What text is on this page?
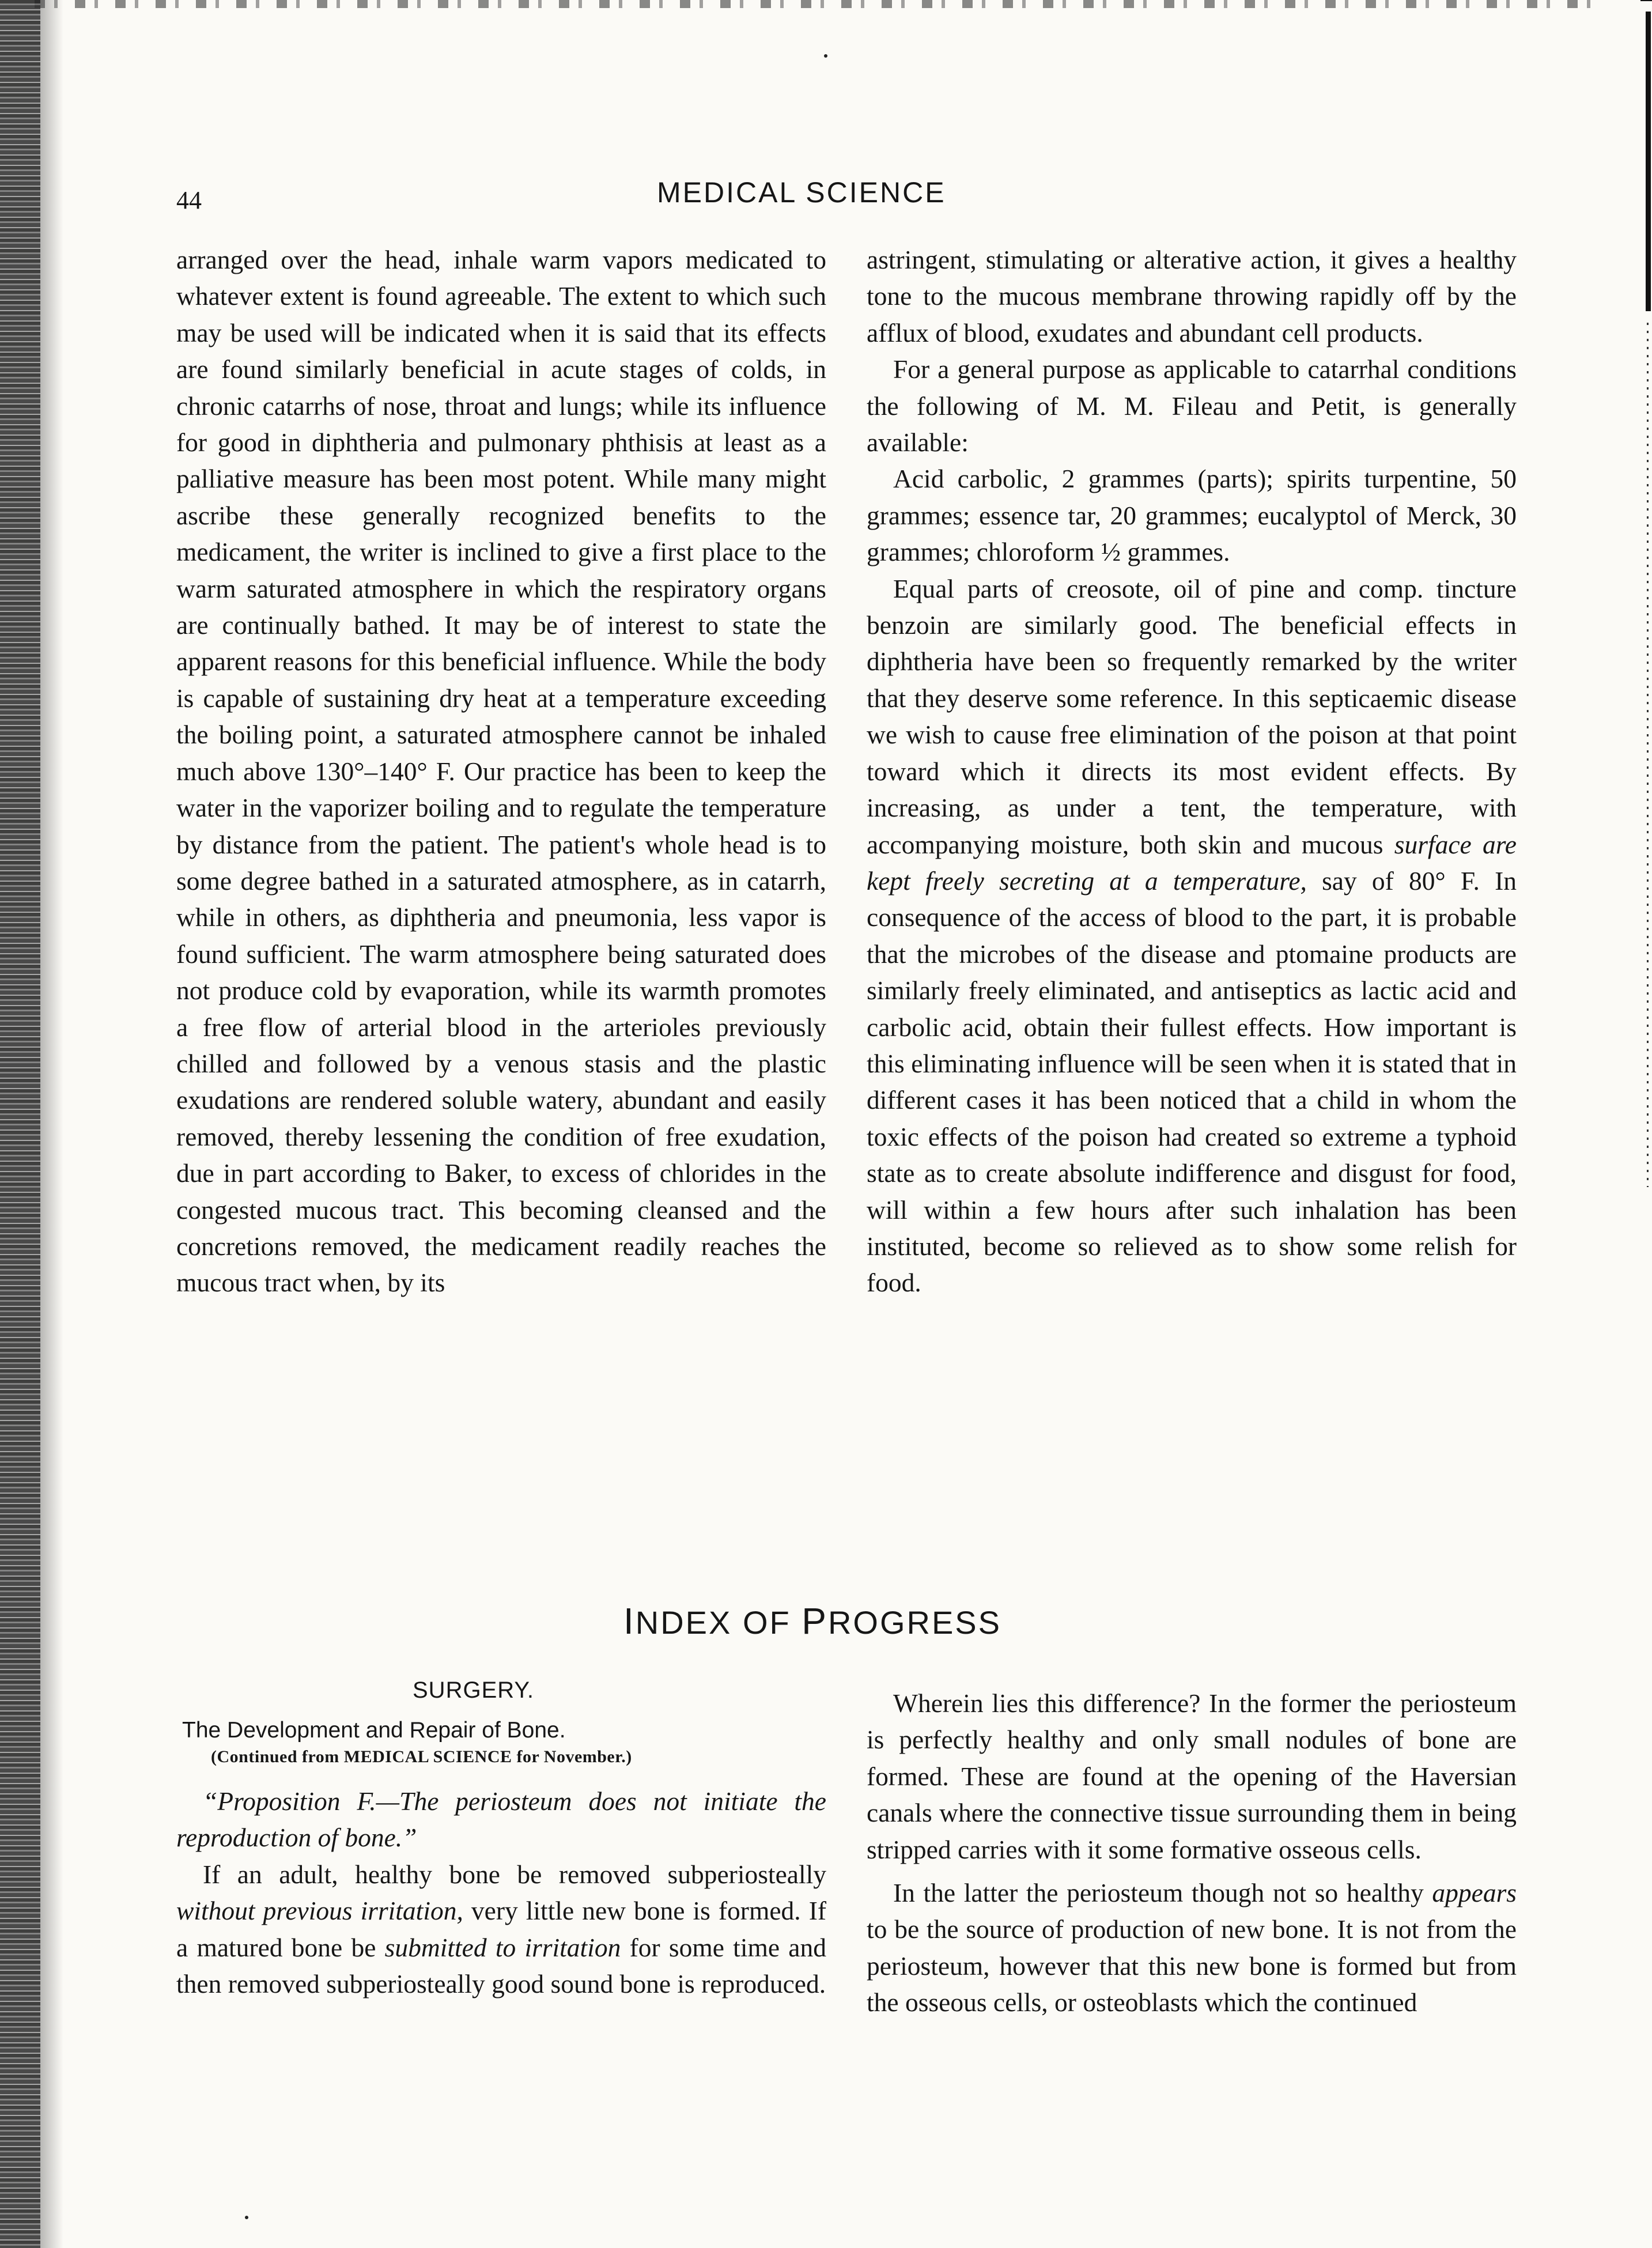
44	MEDICAL SCIENCE

arranged over the head, inhale warm vapors medicated to whatever extent is found agreeable. The extent to which such may be used will be indicated when it is said that its effects are found similarly beneficial in acute stages of colds, in chronic catarrhs of nose, throat and lungs; while its influence for good in diphtheria and pulmonary phthisis at least as a palliative measure has been most potent. While many might ascribe these generally recognized benefits to the medicament, the writer is inclined to give a first place to the warm saturated atmosphere in which the respiratory organs are continually bathed. It may be of interest to state the apparent reasons for this beneficial influence. While the body is capable of sustaining dry heat at a temperature exceeding the boiling point, a saturated atmosphere cannot be inhaled much above 130°–140° F. Our practice has been to keep the water in the vaporizer boiling and to regulate the temperature by distance from the patient. The patient's whole head is to some degree bathed in a saturated atmosphere, as in catarrh, while in others, as diphtheria and pneumonia, less vapor is found sufficient. The warm atmosphere being saturated does not produce cold by evaporation, while its warmth promotes a free flow of arterial blood in the arterioles previously chilled and followed by a venous stasis and the plastic exudations are rendered soluble watery, abundant and easily removed, thereby lessening the condition of free exudation, due in part according to Baker, to excess of chlorides in the congested mucous tract. This becoming cleansed and the concretions removed, the medicament readily reaches the mucous tract when, by its

astringent, stimulating or alterative action, it gives a healthy tone to the mucous membrane throwing rapidly off by the afflux of blood, exudates and abundant cell products.

For a general purpose as applicable to catarrhal conditions the following of M. M. Fileau and Petit, is generally available:

Acid carbolic, 2 grammes (parts); spirits turpentine, 50 grammes; essence tar, 20 grammes; eucalyptol of Merck, 30 grammes; chloroform ½ grammes.

Equal parts of creosote, oil of pine and comp. tincture benzoin are similarly good. The beneficial effects in diphtheria have been so frequently remarked by the writer that they deserve some reference. In this septicaemic disease we wish to cause free elimination of the poison at that point toward which it directs its most evident effects. By increasing, as under a tent, the temperature, with accompanying moisture, both skin and mucous surface are kept freely secreting at a temperature, say of 80° F. In consequence of the access of blood to the part, it is probable that the microbes of the disease and ptomaine products are similarly freely eliminated, and antiseptics as lactic acid and carbolic acid, obtain their fullest effects. How important is this eliminating influence will be seen when it is stated that in different cases it has been noticed that a child in whom the toxic effects of the poison had created so extreme a typhoid state as to create absolute indifference and disgust for food, will within a few hours after such inhalation has been instituted, become so relieved as to show some relish for food.

INDEX OF PROGRESS
SURGERY.
The Development and Repair of Bone.
(Continued from MEDICAL SCIENCE for November.)

“Proposition F.—The periosteum does not initiate the reproduction of bone.”

If an adult, healthy bone be removed subperiosteally without previous irritation, very little new bone is formed. If a matured bone be submitted to irritation for some time and then removed subperiosteally good sound bone is reproduced.

Wherein lies this difference? In the former the periosteum is perfectly healthy and only small nodules of bone are formed. These are found at the opening of the Haversian canals where the connective tissue surrounding them in being stripped carries with it some formative osseous cells.

In the latter the periosteum though not so healthy appears to be the source of production of new bone. It is not from the periosteum, however that this new bone is formed but from the osseous cells, or osteoblasts which the continued
